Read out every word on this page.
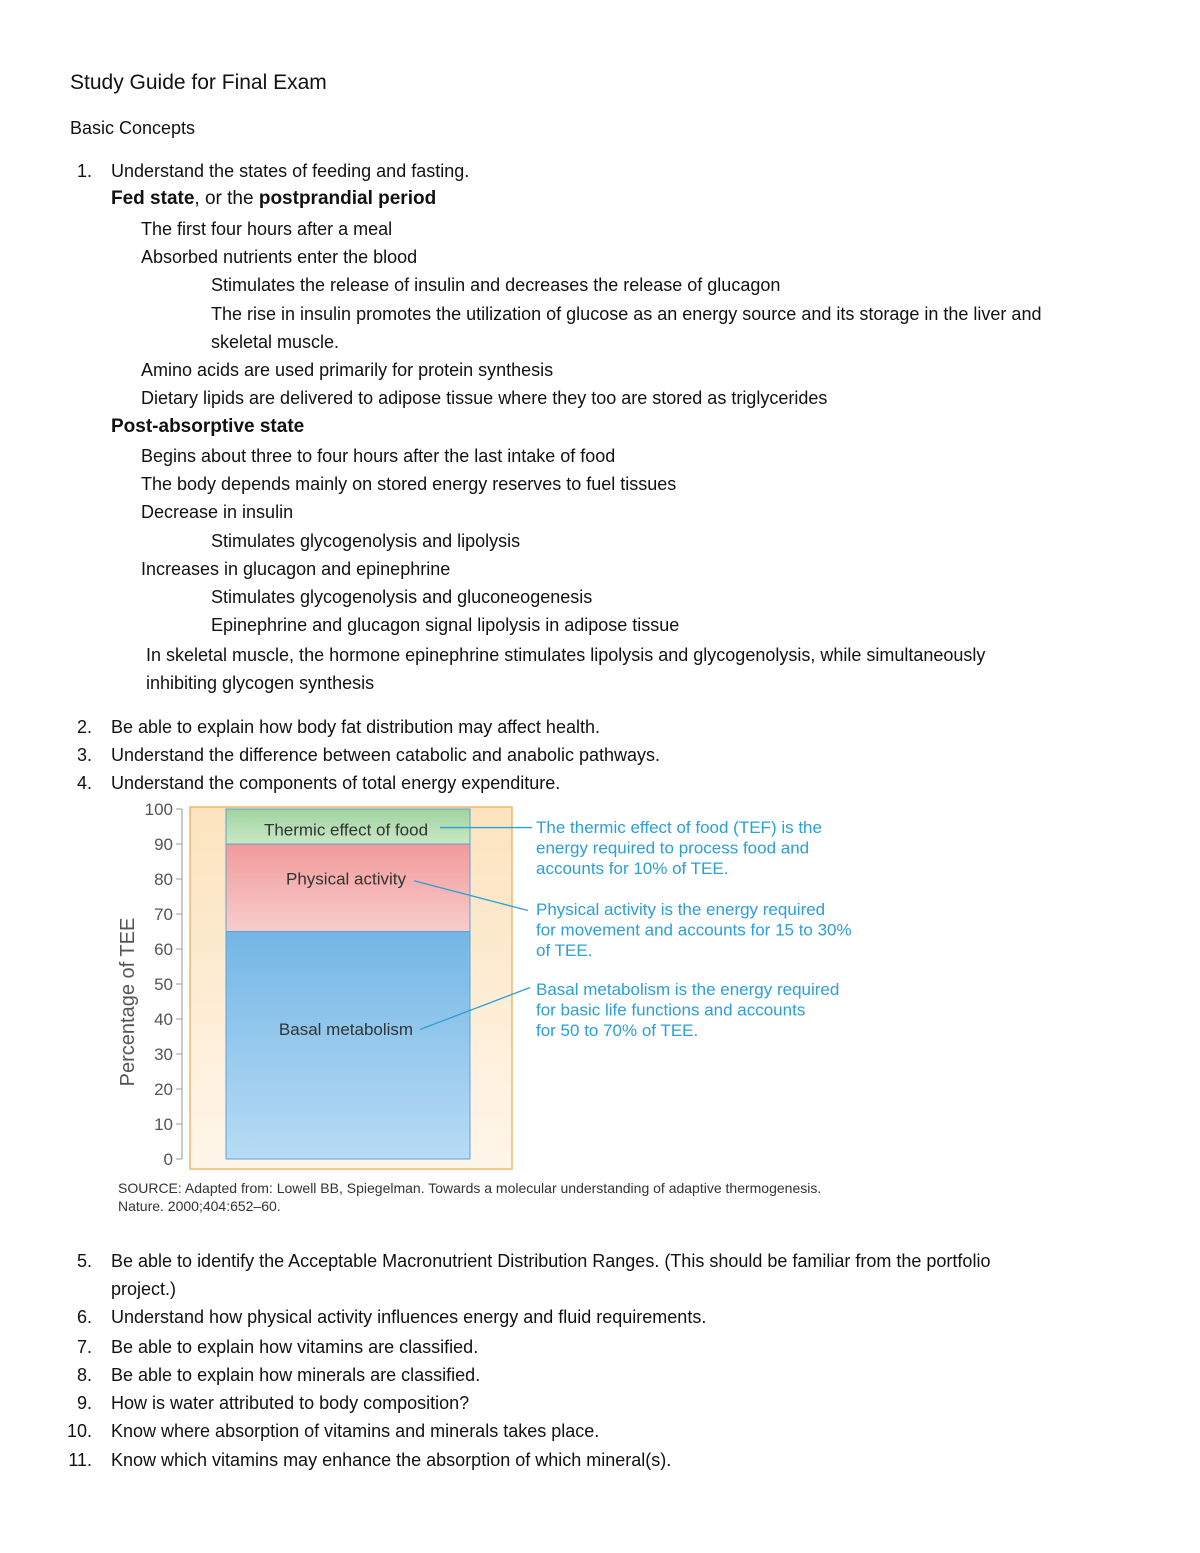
Study Guide for Final Exam
Basic Concepts
1. Understand the states of feeding and fasting.
Fed state, or the postprandial period
The first four hours after a meal
Absorbed nutrients enter the blood
Stimulates the release of insulin and decreases the release of glucagon
The rise in insulin promotes the utilization of glucose as an energy source and its storage in the liver and
skeletal muscle.
Amino acids are used primarily for protein synthesis
Dietary lipids are delivered to adipose tissue where they too are stored as triglycerides
Post-absorptive state
Begins about three to four hours after the last intake of food
The body depends mainly on stored energy reserves to fuel tissues
Decrease in insulin
Stimulates glycogenolysis and lipolysis
Increases in glucagon and epinephrine
Stimulates glycogenolysis and gluconeogenesis
Epinephrine and glucagon signal lipolysis in adipose tissue
In skeletal muscle, the hormone epinephrine stimulates lipolysis and glycogenolysis, while simultaneously
inhibiting glycogen synthesis
2. Be able to explain how body fat distribution may affect health.
3. Understand the difference between catabolic and anabolic pathways.
4. Understand the components of total energy expenditure.
0
10
20
30
40
50
60
70
80
90
100
Percentage of TEE	Basal metabolism
Physical activity
Thermic effect of food	The thermic effect of food (TEF) is the
energy required to process food and
accounts for 10% of TEE.
Physical activity is the energy required
for movement and accounts for 15 to 30%
of TEE.
Basal metabolism is the energy required
for basic life functions and accounts
for 50 to 70% of TEE.
SOURCE: Adapted from: Lowell BB, Spiegelman. Towards a molecular understanding of adaptive thermogenesis.
Nature. 2000;404:652–60.
5. Be able to identify the Acceptable Macronutrient Distribution Ranges. (This should be familiar from the portfolio
project.)
6. Understand how physical activity influences energy and fluid requirements.
7. Be able to explain how vitamins are classified.
8. Be able to explain how minerals are classified.
9. How is water attributed to body composition?
10. Know where absorption of vitamins and minerals takes place.
11. Know which vitamins may enhance the absorption of which mineral(s).
